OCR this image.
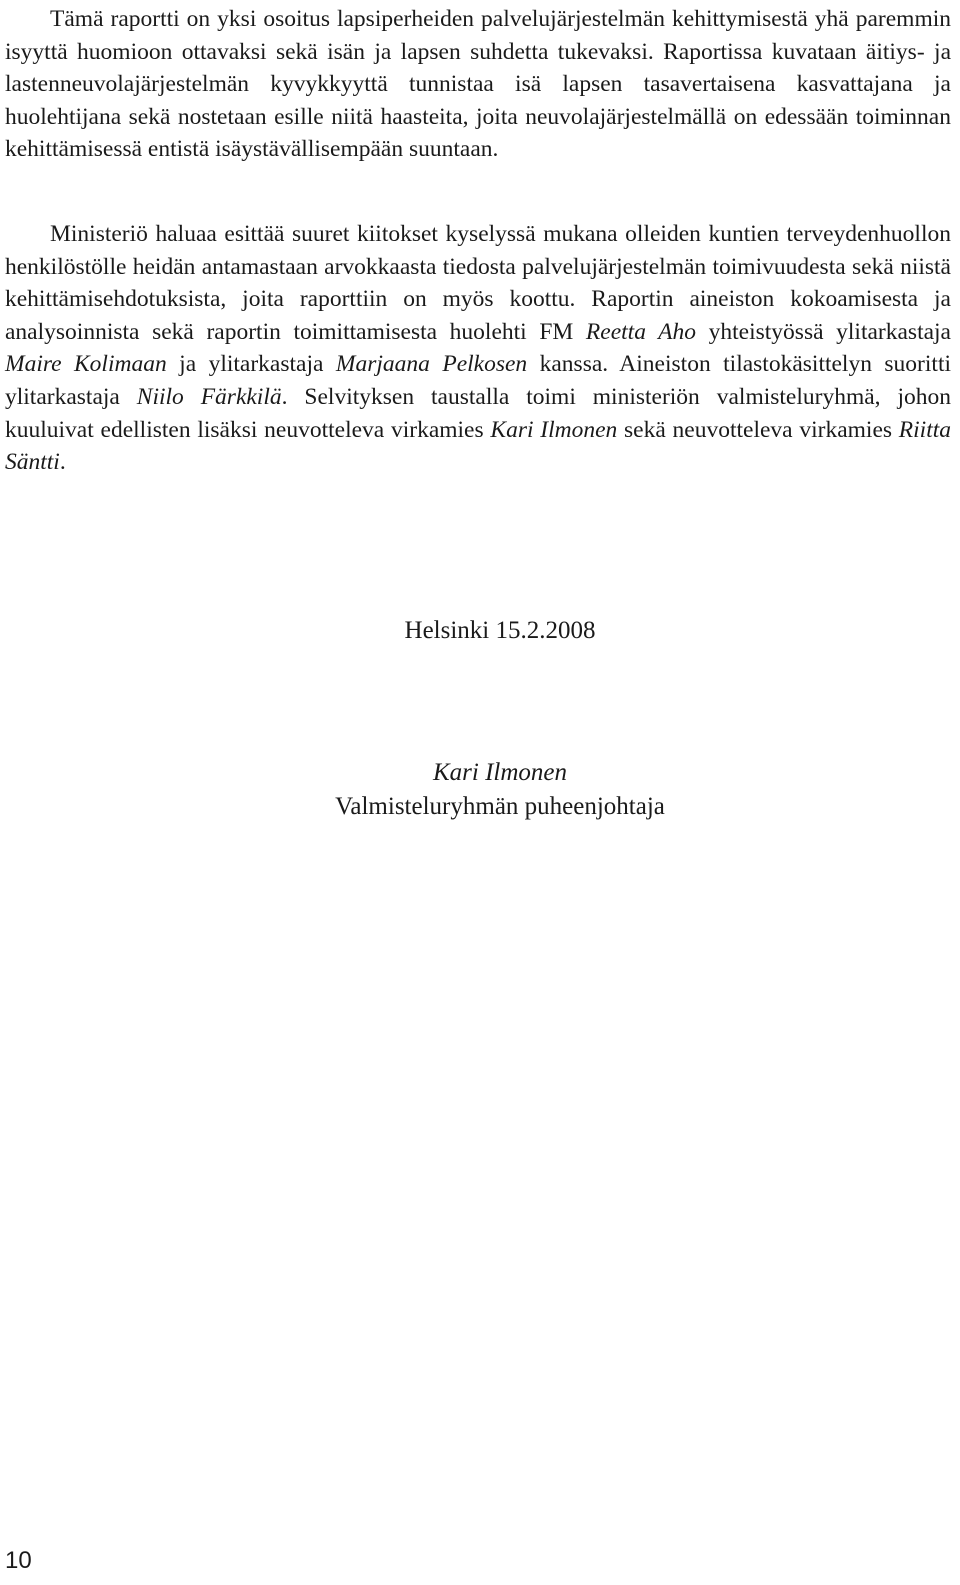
Tämä raportti on yksi osoitus lapsiperheiden palvelujärjestelmän kehittymisestä yhä paremmin isyyttä huomioon ottavaksi sekä isän ja lapsen suhdetta tukevaksi. Raportissa kuvataan äitiys- ja lastenneuvolajärjestelmän kyvykkyyttä tunnistaa isä lapsen tasavertaisena kasvattajana ja huolehtijana sekä nostetaan esille niitä haasteita, joita neuvolajärjestelmällä on edessään toiminnan kehittämisessä entistä isäystävällisempään suuntaan.

Ministeriö haluaa esittää suuret kiitokset kyselyssä mukana olleiden kuntien terveydenhuollon henkilöstölle heidän antamastaan arvokkaasta tiedosta palvelujärjestelmän toimivuudesta sekä niistä kehittämisehdotuksista, joita raporttiin on myös koottu. Raportin aineiston kokoamisesta ja analysoinnista sekä raportin toimittamisesta huolehti FM Reetta Aho yhteistyössä ylitarkastaja Maire Kolimaan ja ylitarkastaja Marjaana Pelkosen kanssa. Aineiston tilastokäsittelyn suoritti ylitarkastaja Niilo Färkkilä. Selvityksen taustalla toimi ministeriön valmisteluryhmä, johon kuuluivat edellisten lisäksi neuvotteleva virkamies Kari Ilmonen sekä neuvotteleva virkamies Riitta Säntti.

Helsinki 15.2.2008

Kari Ilmonen
Valmisteluryhmän puheenjohtaja

10
